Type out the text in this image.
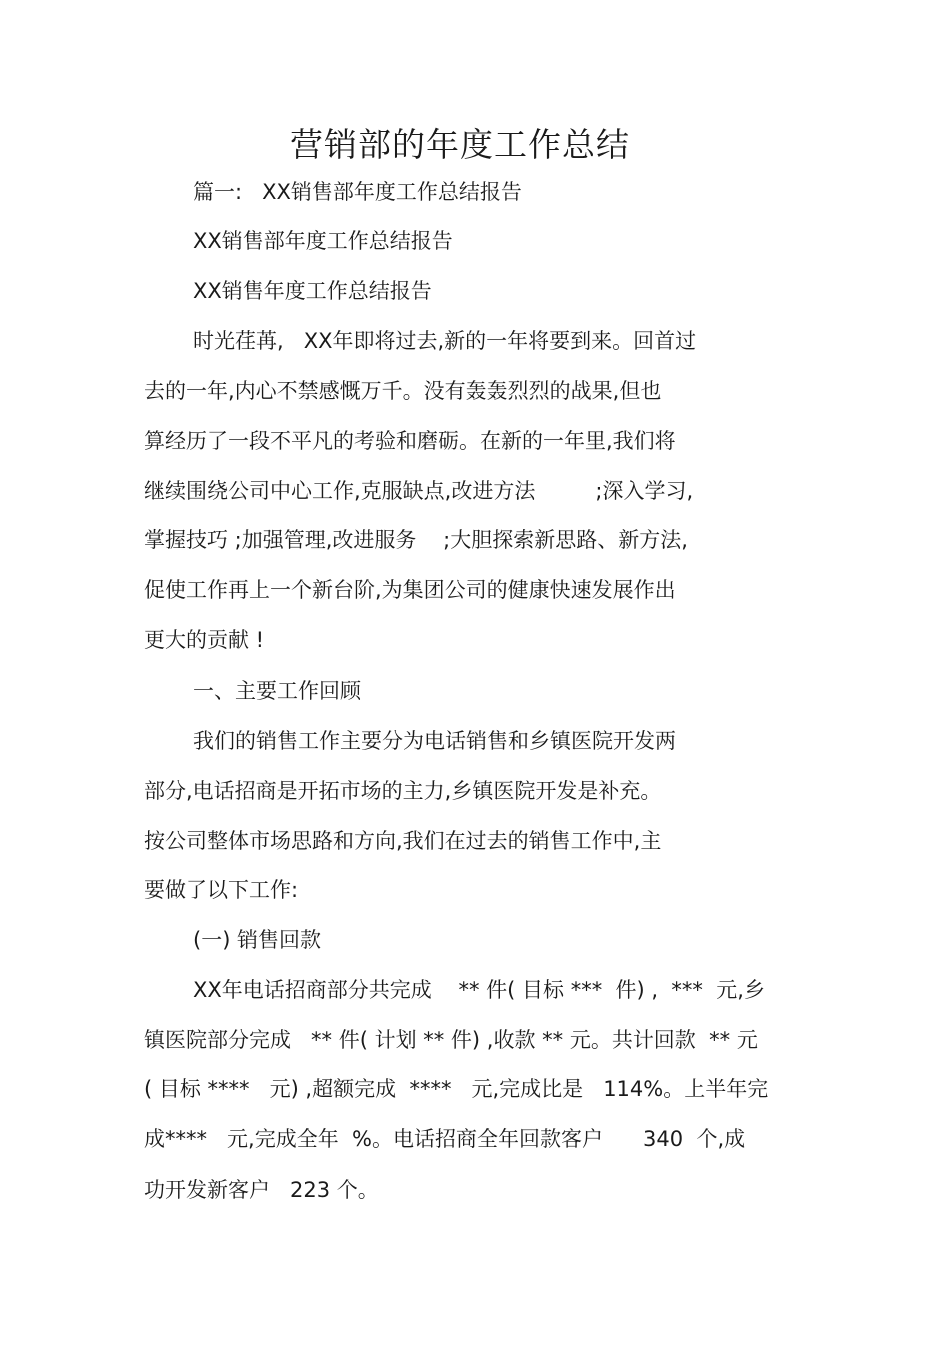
营销部的年度工作总结
篇一:   XX销售部年度工作总结报告
XX销售部年度工作总结报告
XX销售年度工作总结报告
时光荏苒,   XX年即将过去,新的一年将要到来。回首过
去的一年,内心不禁感慨万千。没有轰轰烈烈的战果,但也
算经历了一段不平凡的考验和磨砺。在新的一年里,我们将
继续围绕公司中心工作,克服缺点,改进方法         ;深入学习,
掌握技巧 ;加强管理,改进服务    ;大胆探索新思路、新方法,
促使工作再上一个新台阶,为集团公司的健康快速发展作出
更大的贡献 !
一、主要工作回顾
我们的销售工作主要分为电话销售和乡镇医院开发两
部分,电话招商是开拓市场的主力,乡镇医院开发是补充。
按公司整体市场思路和方向,我们在过去的销售工作中,主
要做了以下工作:
(一) 销售回款
XX年电话招商部分共完成    ** 件( 目标 ***  件) ,  ***  元,乡
镇医院部分完成   ** 件( 计划 ** 件) ,收款 ** 元。共计回款  ** 元
( 目标 ****   元) ,超额完成  ****   元,完成比是   114%。上半年完
成****   元,完成全年  %。电话招商全年回款客户      340  个,成
功开发新客户   223 个。
